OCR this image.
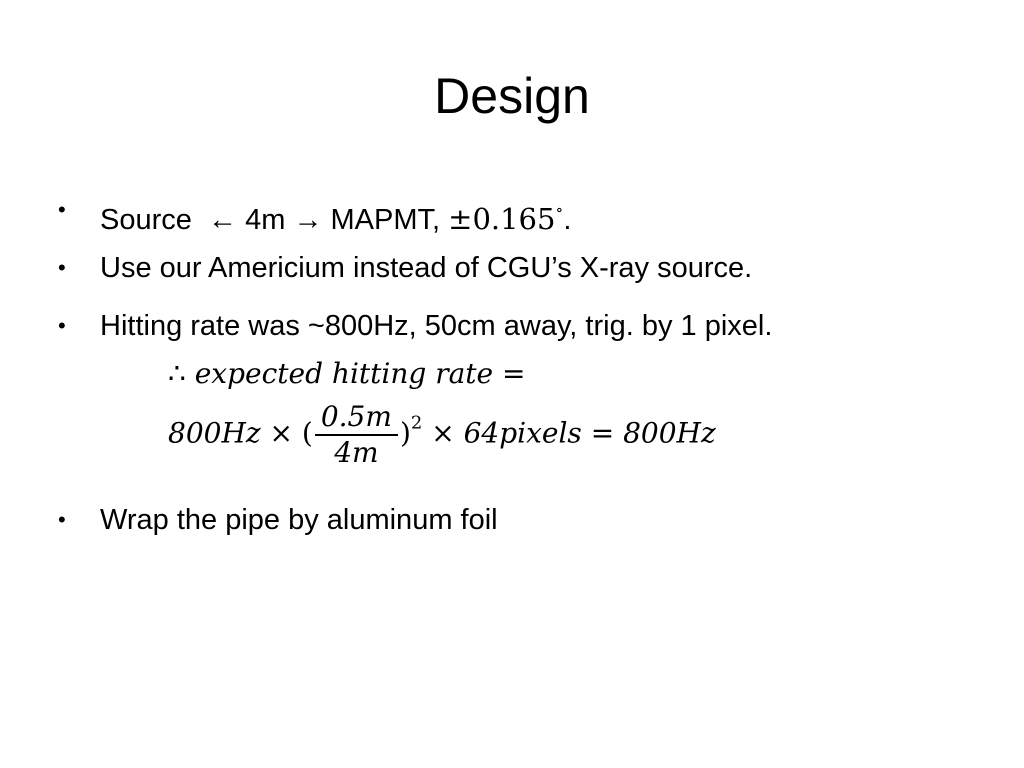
Design
• Source ← 4m → MAPMT, ±0.165∘.
• Use our Americium instead of CGU’s X-ray source.
• Hitting rate was ~800Hz, 50cm away, trig. by 1 pixel.
∴ expected hitting rate =
800Hz × ( $\frac{0.5m}{4m} )^2$ × 64pixels = 800Hz
• Wrap the pipe by aluminum foil
